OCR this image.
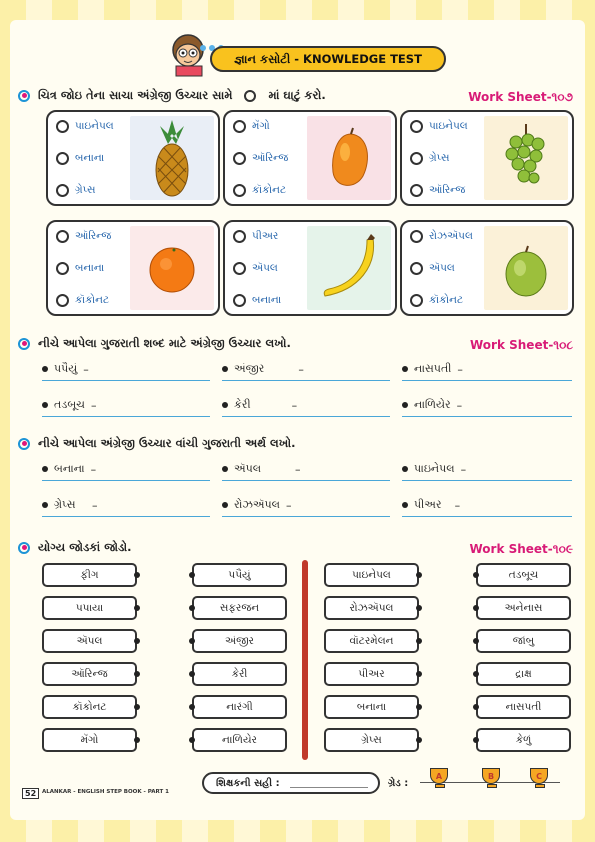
જ્ઞાન કસોટી - KNOWLEDGE TEST
ચિત્ર જોઇ તેના સાચા અંગ્રેજી ઉચ્ચાર સામે	માં ઘાટું કરો.	Work Sheet-૧૦૭
પાઇનેપલ
બનાના
ગ્રેપ્સ
મૅંગો
ઑરિન્જ
કૉકોનટ
પાઇનેપલ
ગ્રેપ્સ
ઑરિન્જ
ઑરિન્જ
બનાના
કૉકોનટ
પીઅર
ઍપલ
બનાના
રોઝઍપલ
ઍપલ
કૉકોનટ
નીચે આપેલા ગુજરાતી શબ્દ માટે અંગ્રેજી ઉચ્ચાર લખો.	Work Sheet-૧૦૮
પપૈયું –	અંજીર –	નાસપતી –
તડબૂચ –	કેરી –	નાળિયેર –
નીચે આપેલા અંગ્રેજી ઉચ્ચાર વાંચી ગુજરાતી અર્થ લખો.
બનાના –	ઍપલ –	પાઇનેપલ –
ગ્રેપ્સ –	રોઝઍપલ –	પીઅર –
યોગ્ય જોડકાં જોડો.	Work Sheet-૧૦૯
ફીગ
પપાયા
ઍપલ
ઑરિન્જ
કૉકોનટ
મૅંગો
પપૈયું
સફરજન
અંજીર
કેરી
નારંગી
નાળિયેર
પાઇનેપલ
રોઝઍપલ
વૉટરમેલન
પીઅર
બનાના
ગ્રેપ્સ
તડબૂચ
અનેનાસ
જાંબુ
દ્રાક્ષ
નાસપતી
કેળું
52	ALANKAR - ENGLISH STEP BOOK - PART 1
શિક્ષકની સહી :	ગ્રેડ :
A	B	C
